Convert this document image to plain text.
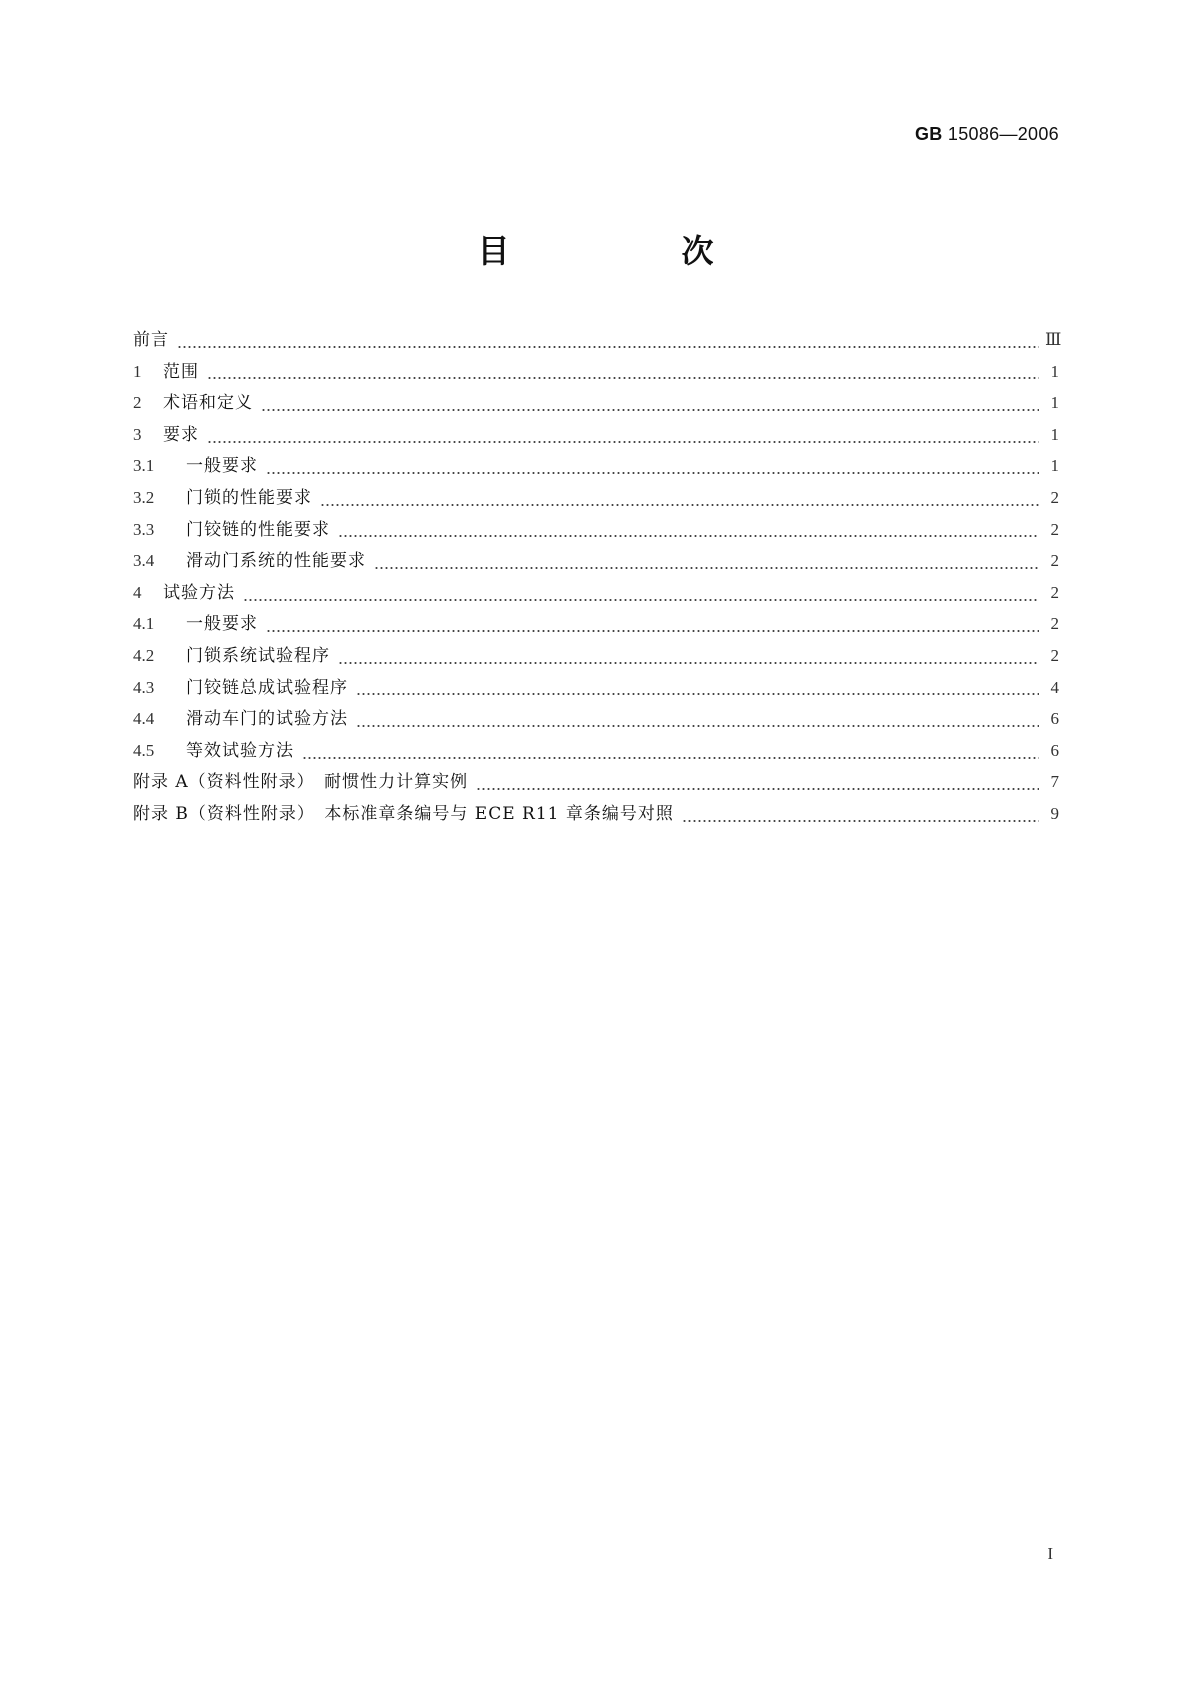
GB 15086—2006
目　次
前言	Ⅲ
1	范围	1
2	术语和定义	1
3	要求	1
3.1	一般要求	1
3.2	门锁的性能要求	2
3.3	门铰链的性能要求	2
3.4	滑动门系统的性能要求	2
4	试验方法	2
4.1	一般要求	2
4.2	门锁系统试验程序	2
4.3	门铰链总成试验程序	4
4.4	滑动车门的试验方法	6
4.5	等效试验方法	6
附录 A（资料性附录）　耐惯性力计算实例	7
附录 B（资料性附录）　本标准章条编号与 ECE R11 章条编号对照	9
I
